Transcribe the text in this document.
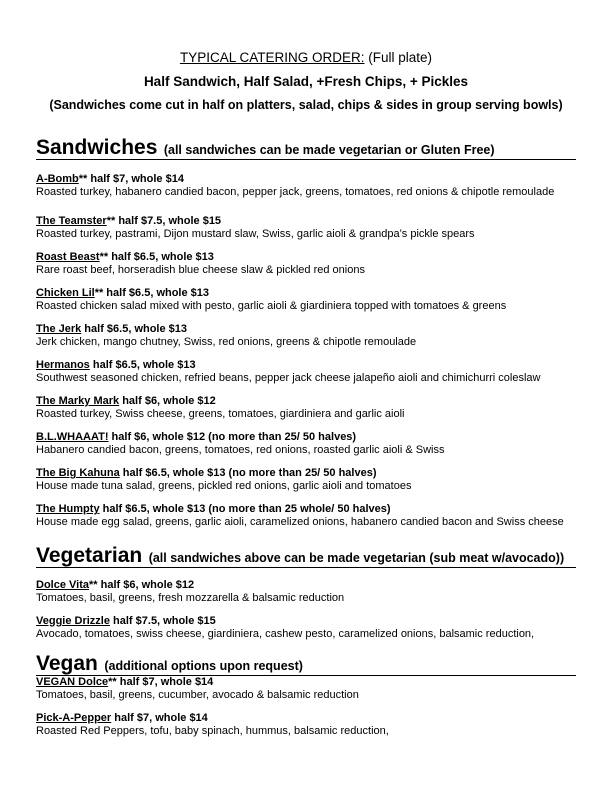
TYPICAL CATERING ORDER: (Full plate)
Half Sandwich, Half Salad, +Fresh Chips, + Pickles
(Sandwiches come cut in half on platters, salad, chips & sides in group serving bowls)
Sandwiches (all sandwiches can be made vegetarian or Gluten Free)
A-Bomb** half $7, whole $14
Roasted turkey, habanero candied bacon, pepper jack, greens, tomatoes, red onions & chipotle remoulade
The Teamster** half $7.5, whole $15
Roasted turkey, pastrami, Dijon mustard slaw, Swiss, garlic aioli & grandpa’s pickle spears
Roast Beast** half $6.5, whole $13
Rare roast beef, horseradish blue cheese slaw & pickled red onions
Chicken Lil** half $6.5, whole $13
Roasted chicken salad mixed with pesto, garlic aioli & giardiniera topped with tomatoes & greens
The Jerk half $6.5, whole $13
Jerk chicken, mango chutney, Swiss, red onions, greens & chipotle remoulade
Hermanos half $6.5, whole $13
Southwest seasoned chicken, refried beans, pepper jack cheese jalapeño aioli and chimichurri coleslaw
The Marky Mark half $6, whole $12
Roasted turkey, Swiss cheese, greens, tomatoes, giardiniera and garlic aioli
B.L.WHAAAT! half $6, whole $12 (no more than 25/ 50 halves)
Habanero candied bacon, greens, tomatoes, red onions, roasted garlic aioli & Swiss
The Big Kahuna half $6.5, whole $13 (no more than 25/ 50 halves)
House made tuna salad, greens, pickled red onions, garlic aioli and tomatoes
The Humpty half $6.5, whole $13 (no more than 25 whole/ 50 halves)
House made egg salad, greens, garlic aioli, caramelized onions, habanero candied bacon and Swiss cheese
Vegetarian (all sandwiches above can be made vegetarian (sub meat w/avocado))
Dolce Vita** half $6, whole $12
Tomatoes, basil, greens, fresh mozzarella & balsamic reduction
Veggie Drizzle half $7.5, whole $15
Avocado, tomatoes, swiss cheese, giardiniera, cashew pesto, caramelized onions, balsamic reduction,
Vegan (additional options upon request)
VEGAN Dolce** half $7, whole $14
Tomatoes, basil, greens, cucumber, avocado & balsamic reduction
Pick-A-Pepper half $7, whole $14
Roasted Red Peppers, tofu, baby spinach, hummus, balsamic reduction,
